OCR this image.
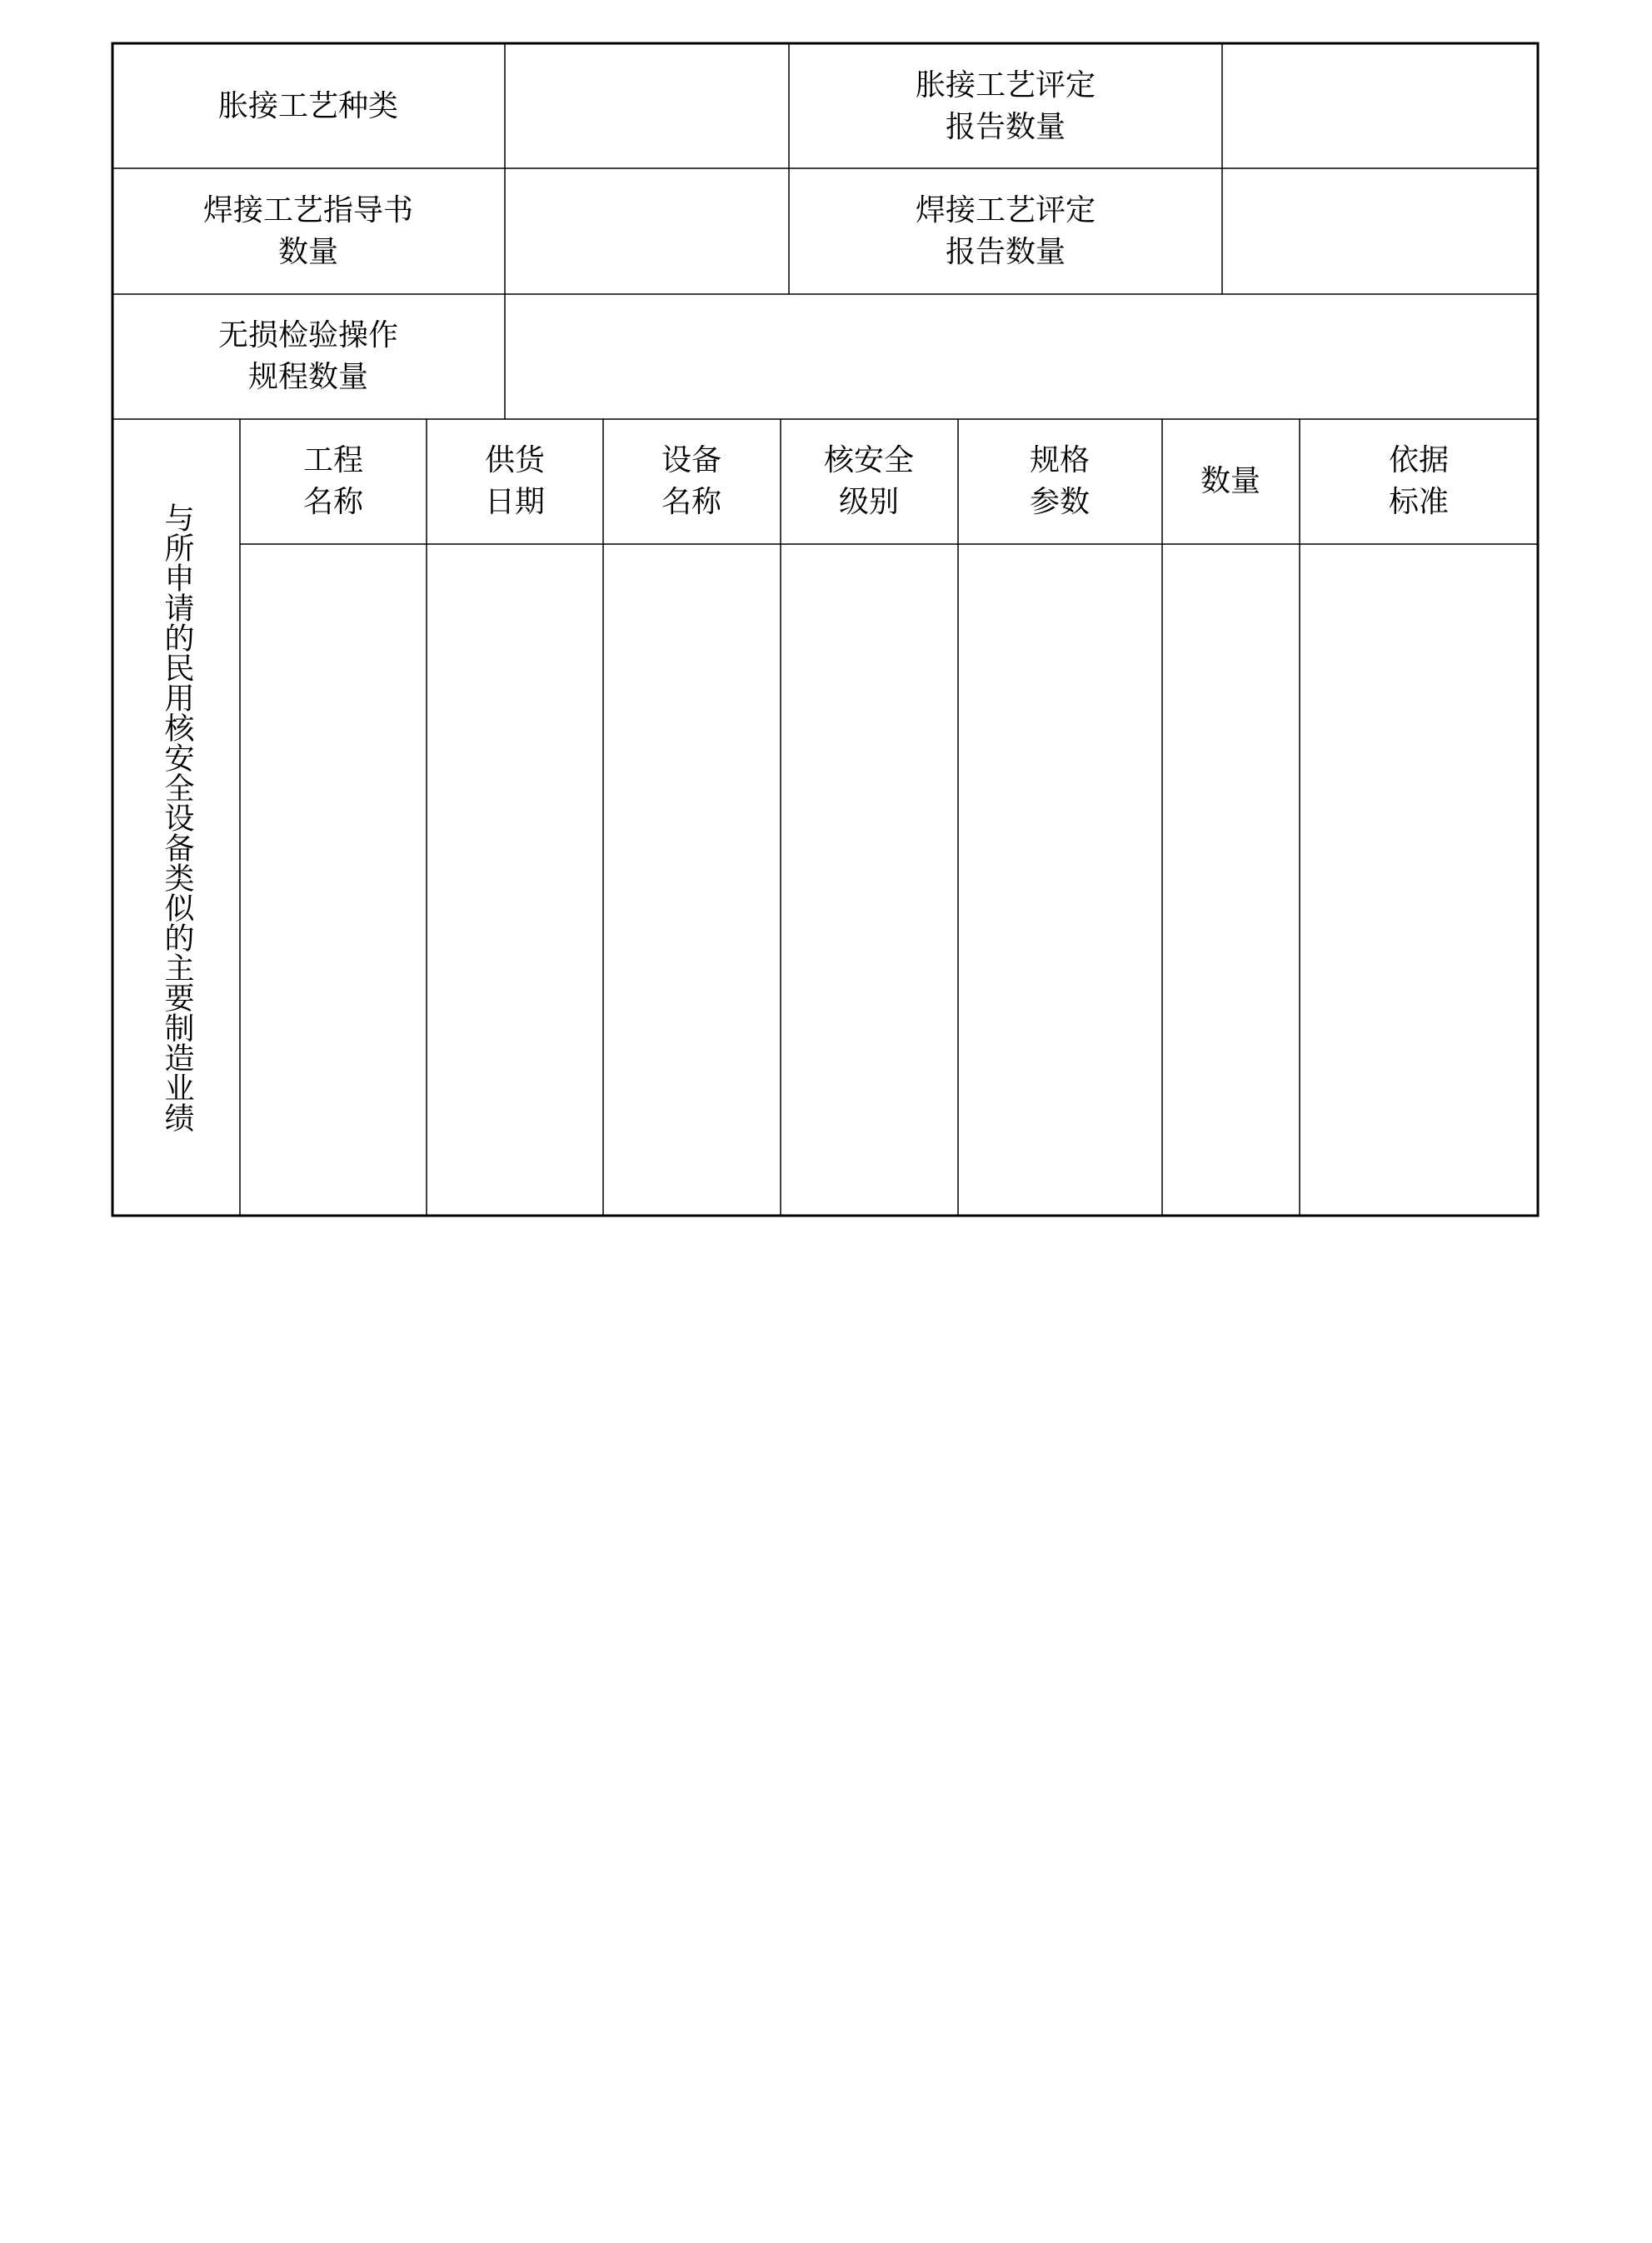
胀接工艺种类
胀接工艺评定
报告数量
焊接工艺指导书
数量
焊接工艺评定
报告数量
无损检验操作
规程数量
与所申请的民用核安全设备类似的主要制造业绩
工程
名称
供货
日期
设备
名称
核安全
级别
规格
参数
数量
依据
标准
